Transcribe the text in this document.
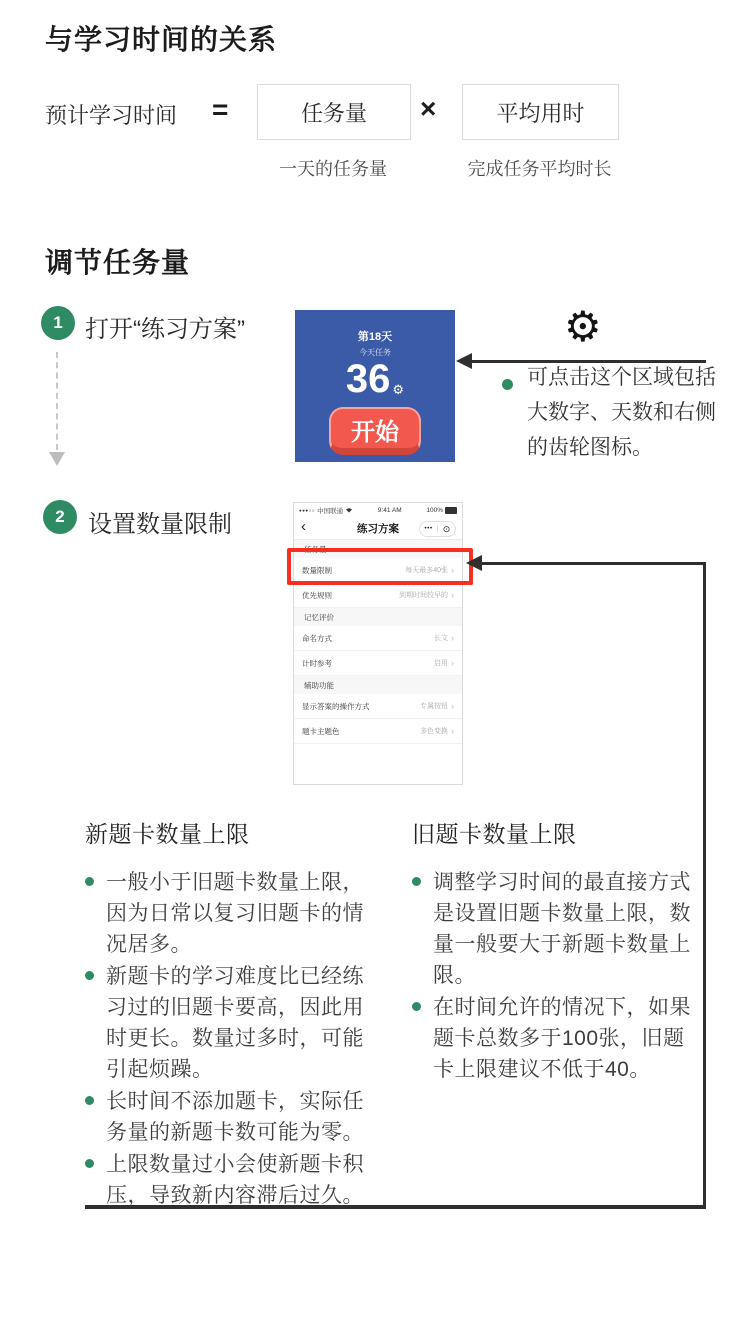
与学习时间的关系
预计学习时间 =	任务量	×	平均用时
一天的任务量	完成任务平均时长
调节任务量
1 打开“练习方案”	第18天
今天任务
36 ⚙
开始
⚙
可点击这个区域包括大数字、天数和右侧的齿轮图标。
2 设置数量限制
●●●○○ 中国联通	9:41 AM	100%
‹	练习方案	•••	⊙
任务量
数量限制	每天最多40张 ›
优先规则	到期时间较早的 ›
记忆评价
命名方式	长文 ›
计时参考	启用 ›
辅助功能
显示答案的操作方式	专属按钮 ›
题卡主题色	多色变换 ›
新题卡数量上限
一般小于旧题卡数量上限，因为日常以复习旧题卡的情况居多。
新题卡的学习难度比已经练习过的旧题卡要高，因此用时更长。数量过多时，可能引起烦躁。
长时间不添加题卡，实际任务量的新题卡数可能为零。
上限数量过小会使新题卡积压，导致新内容滞后过久。
旧题卡数量上限
调整学习时间的最直接方式是设置旧题卡数量上限，数量一般要大于新题卡数量上限。
在时间允许的情况下，如果题卡总数多于100张，旧题卡上限建议不低于40。
